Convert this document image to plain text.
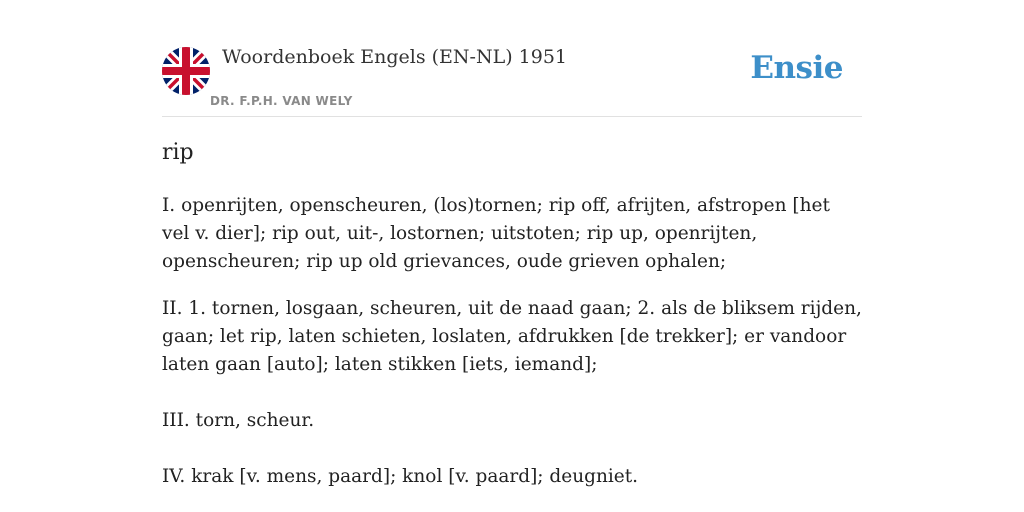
Woordenboek Engels (EN-NL) 1951
DR. F.P.H. VAN WELY
Ensie
rip

I. openrijten, openscheuren, (los)tornen; rip off, afrijten, afstropen [het vel v. dier]; rip out, uit-, lostornen; uitstoten; rip up, openrijten, openscheuren; rip up old grievances, oude grieven ophalen;

II. 1. tornen, losgaan, scheuren, uit de naad gaan; 2. als de bliksem rijden, gaan; let rip, laten schieten, loslaten, afdrukken [de trekker]; er vandoor laten gaan [auto]; laten stikken [iets, iemand];

III. torn, scheur.

IV. krak [v. mens, paard]; knol [v. paard]; deugniet.
